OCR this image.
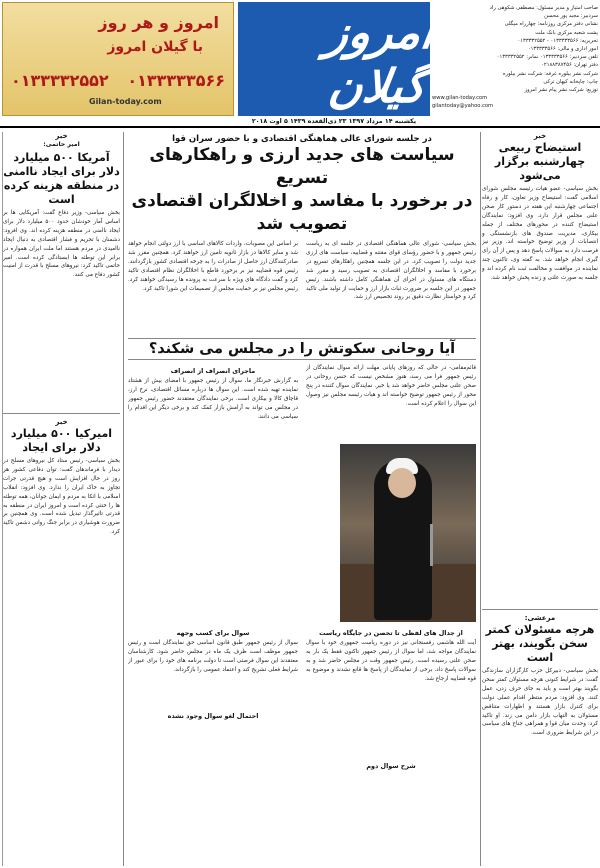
صاحب امتیاز و مدیر مسئول: مصطفی شکوهی راد
سردبیر: مجید پور محسن
نشانی دفتر مرکزی روزنامه: چهارراه میگلی
پشت شعبه مرکزی بانک ملت
تحریریه: ۰۱۳۳۳۳۳۵۶۶ - ۰۱۳۳۳۳۲۵۵۲
امور اداری و مالی: ۰۱۳۳۳۳۳۵۶۶
تلفن سردبیر: ۰۱۳۳۳۳۳۵۶۶ نمابر: ۰۱۳۳۳۳۲۵۵۲
دفتر تهران: ۰۲۱۸۸۳۸۷۴۵۶
شرکت نشر بیلوره غرفه: شرکت نشر بیلوره
چاپ: چاپخانه کیهان ترکی
توزیع: شرکت نشر پیام نشر امروز
www.gilan-today.com
gilantoday@yahoo.com
امروز گیلان
یکشنبه ۱۴ مرداد ۱۳۹۷ ۲۳ ذی‌القعده ۱۴۳۹ ۵ اوت ۲۰۱۸
امروز و هر روز
با گیلان امروز
۰۱۳۳۳۳۳۵۶۶
۰۱۳۳۳۳۲۵۵۲
Gilan-today.com
خبر
استیضاح ربیعی چهارشنبه برگزار می‌شود
بخش سیاسی- عضو هیات رئیسه مجلس شورای اسلامی گفت: استیضاح وزیر تعاون، کار و رفاه اجتماعی چهارشنبه این هفته در دستور کار صحن علنی مجلس قرار دارد. وی افزود: نمایندگان استیضاح کننده در محورهای مختلف از جمله بیکاری، مدیریت صندوق های بازنشستگی و انتصابات از وزیر توضیح خواسته اند. وزیر نیز فرصت دارد به سوالات پاسخ دهد و پس از آن رای گیری انجام خواهد شد. به گفته وی، تاکنون چند نماینده در موافقت و مخالفت ثبت نام کرده اند و جلسه به صورت علنی و زنده پخش خواهد شد.
مرعشی:
هرچه مسئولان کمتر سخن بگویند، بهتر است
بخش سیاسی- دبیرکل حزب کارگزاران سازندگی گفت: در شرایط کنونی هرچه مسئولان کمتر سخن بگویند بهتر است و باید به جای حرف زدن، عمل کنند. وی افزود: مردم منتظر اقدام عملی دولت برای کنترل بازار هستند و اظهارات متناقض مسئولان به التهاب بازار دامن می زند. او تاکید کرد: وحدت میان قوا و همراهی جناح های سیاسی در این شرایط ضروری است.
خبر
امیر حاتمی:
آمریکا ۵۰۰ میلیارد دلار برای ایجاد ناامنی در منطقه هزینه کرده است
بخش سیاسی- وزیر دفاع گفت: آمریکایی ها بر اساس آمار خودشان حدود ۵۰۰ میلیارد دلار برای ایجاد ناامنی در منطقه هزینه کرده اند. وی افزود: دشمنان با تحریم و فشار اقتصادی به دنبال ایجاد ناامیدی در مردم هستند اما ملت ایران همواره در برابر این توطئه ها ایستادگی کرده است. امیر حاتمی تاکید کرد: نیروهای مسلح با قدرت از امنیت کشور دفاع می کنند.
خبر
امیرکیا ۵۰۰ میلیارد دلار برای ایجاد
بخش سیاسی- رئیس ستاد کل نیروهای مسلح در دیدار با فرماندهان گفت: توان دفاعی کشور هر روز در حال افزایش است و هیچ قدرتی جرات تجاوز به خاک ایران را ندارد. وی افزود: انقلاب اسلامی با اتکا به مردم و ایمان جوانان، همه توطئه ها را خنثی کرده است و امروز ایران در منطقه به قدرتی تاثیرگذار تبدیل شده است. وی همچنین بر ضرورت هوشیاری در برابر جنگ روانی دشمن تاکید کرد.
در جلسه شورای عالی هماهنگی اقتصادی و با حضور سران قوا
سیاست های جدید ارزی و راهکارهای تسریع
در برخورد با مفاسد و اخلالگران اقتصادی تصویب شد
بخش سیاسی- شورای عالی هماهنگی اقتصادی در جلسه ای به ریاست رئیس جمهور و با حضور رؤسای قوای مقننه و قضاییه، سیاست های ارزی جدید دولت را تصویب کرد. در این جلسه همچنین راهکارهای تسریع در برخورد با مفاسد و اخلالگران اقتصادی به تصویب رسید و مقرر شد دستگاه های مسئول در اجرای آن هماهنگی کامل داشته باشند. رئیس جمهور در این جلسه بر ضرورت ثبات بازار ارز و حمایت از تولید ملی تاکید کرد و خواستار نظارت دقیق بر روند تخصیص ارز شد.
بر اساس این مصوبات، واردات کالاهای اساسی با ارز دولتی انجام خواهد شد و سایر کالاها در بازار ثانویه تامین ارز خواهند کرد. همچنین مقرر شد صادرکنندگان ارز حاصل از صادرات را به چرخه اقتصادی کشور بازگردانند. رئیس قوه قضاییه نیز بر برخورد قاطع با اخلالگران نظام اقتصادی تاکید کرد و گفت دادگاه های ویژه با سرعت به پرونده ها رسیدگی خواهند کرد. رئیس مجلس نیز بر حمایت مجلس از تصمیمات این شورا تاکید کرد.
آیا روحانی سکوتش را در مجلس می شکند؟
قائم‌مقامی- در حالی که روزهای پایانی مهلت ارائه سوال نمایندگان از رئیس جمهور فرا می رسد، هنوز مشخص نیست که حسن روحانی در صحن علنی مجلس حاضر خواهد شد یا خیر. نمایندگان سوال کننده در پنج محور از رئیس جمهور توضیح خواسته اند و هیات رئیسه مجلس نیز وصول این سوال را اعلام کرده است.
ماجرای انصراف از انصراف
به گزارش خبرنگار ما، سوال از رئیس جمهور با امضای بیش از هشتاد نماینده تهیه شده است. این سوال ها درباره مسائل اقتصادی، نرخ ارز، قاچاق کالا و بیکاری است. برخی نمایندگان معتقدند حضور رئیس جمهور در مجلس می تواند به آرامش بازار کمک کند و برخی دیگر این اقدام را سیاسی می دانند.
از جدال های لفظی تا تحصن در جایگاه ریاست
آیت الله هاشمی رفسنجانی نیز در دوره ریاست جمهوری خود با سوال نمایندگان مواجه شد، اما سوال از رئیس جمهور تاکنون فقط یک بار به صحن علنی رسیده است. رئیس جمهور وقت در مجلس حاضر شد و به سوالات پاسخ داد. برخی از نمایندگان از پاسخ ها قانع نشدند و موضوع به قوه قضاییه ارجاع شد.
شرح سوال دوم
سوال برای کسب وجهه
سوال از رئیس جمهور طبق قانون اساسی حق نمایندگان است و رئیس جمهور موظف است ظرف یک ماه در مجلس حاضر شود. کارشناسان معتقدند این سوال فرصتی است تا دولت برنامه های خود را برای عبور از شرایط فعلی تشریح کند و اعتماد عمومی را بازگرداند.
احتمال لغو سوال وجود نشده
